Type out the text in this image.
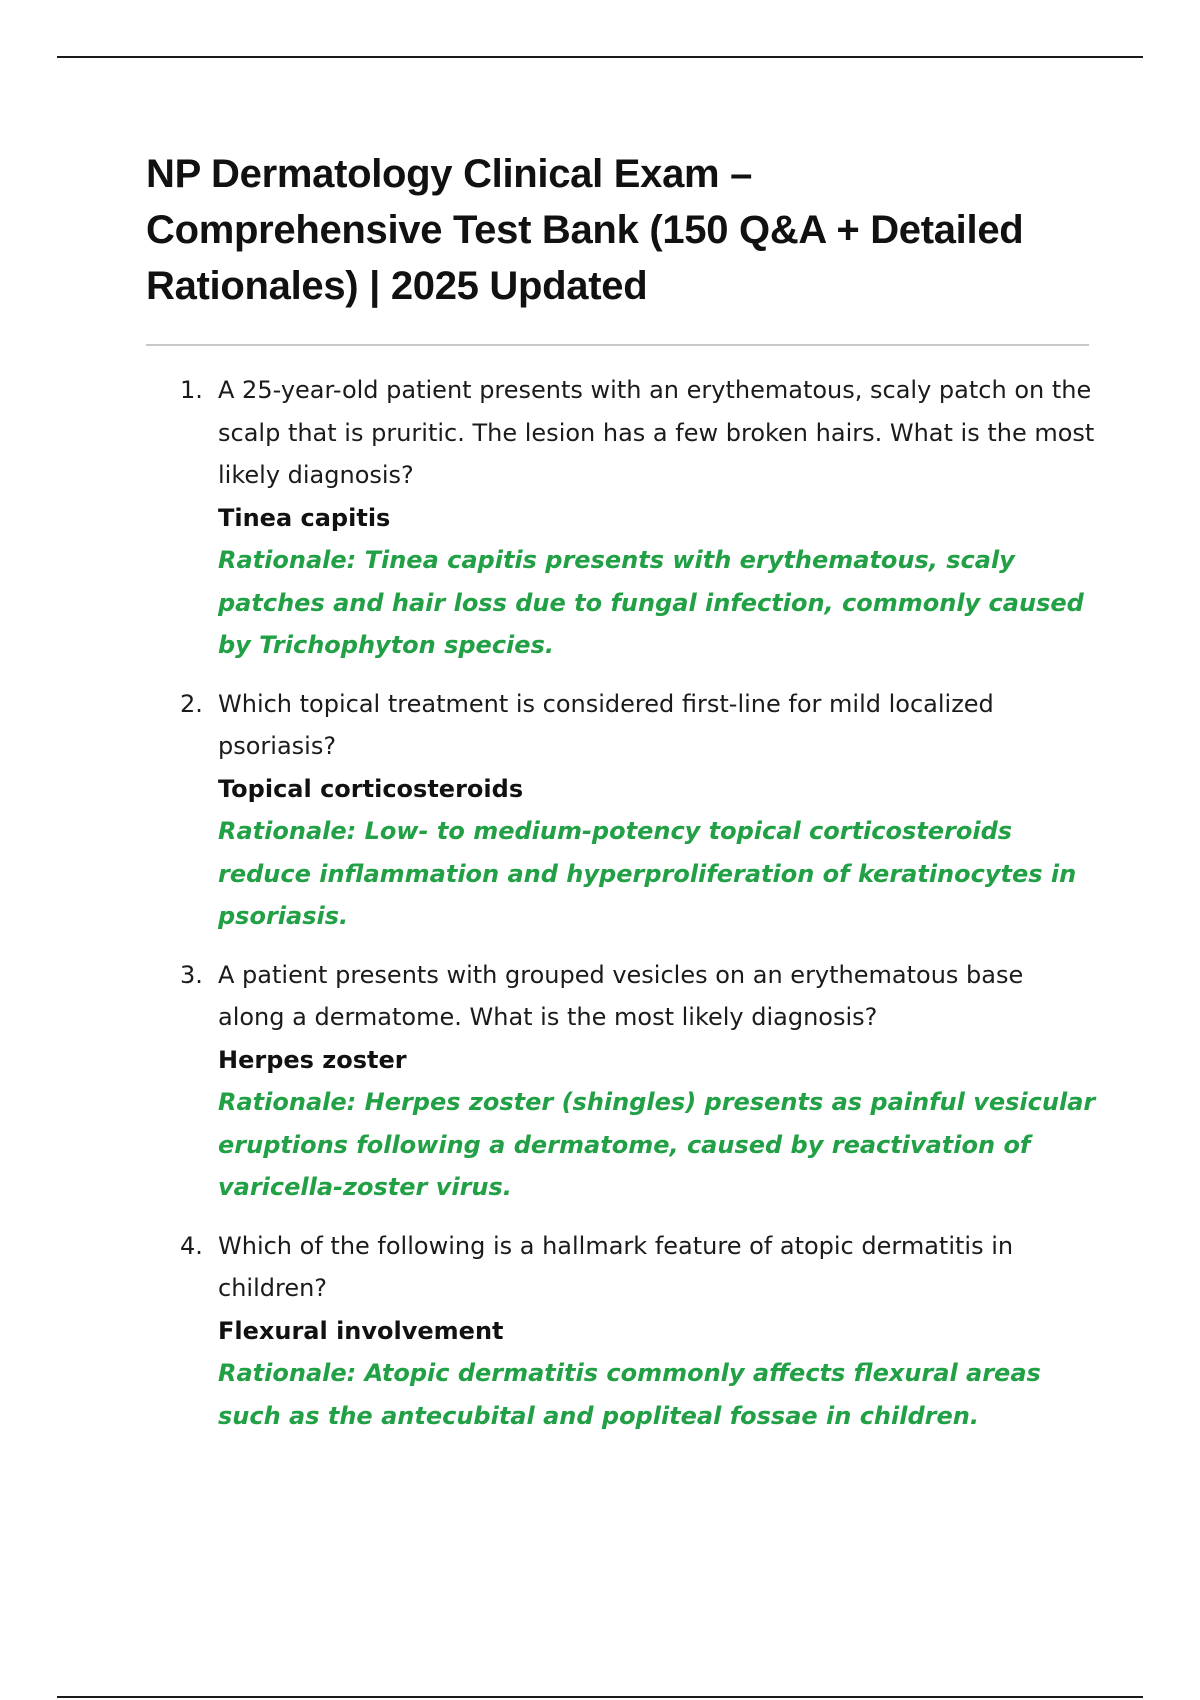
NP Dermatology Clinical Exam – Comprehensive Test Bank (150 Q&A + Detailed Rationales) | 2025 Updated
1. A 25-year-old patient presents with an erythematous, scaly patch on the scalp that is pruritic. The lesion has a few broken hairs. What is the most likely diagnosis?
Tinea capitis
Rationale: Tinea capitis presents with erythematous, scaly patches and hair loss due to fungal infection, commonly caused by Trichophyton species.
2. Which topical treatment is considered first-line for mild localized psoriasis?
Topical corticosteroids
Rationale: Low- to medium-potency topical corticosteroids reduce inflammation and hyperproliferation of keratinocytes in psoriasis.
3. A patient presents with grouped vesicles on an erythematous base along a dermatome. What is the most likely diagnosis?
Herpes zoster
Rationale: Herpes zoster (shingles) presents as painful vesicular eruptions following a dermatome, caused by reactivation of varicella-zoster virus.
4. Which of the following is a hallmark feature of atopic dermatitis in children?
Flexural involvement
Rationale: Atopic dermatitis commonly affects flexural areas such as the antecubital and popliteal fossae in children.
